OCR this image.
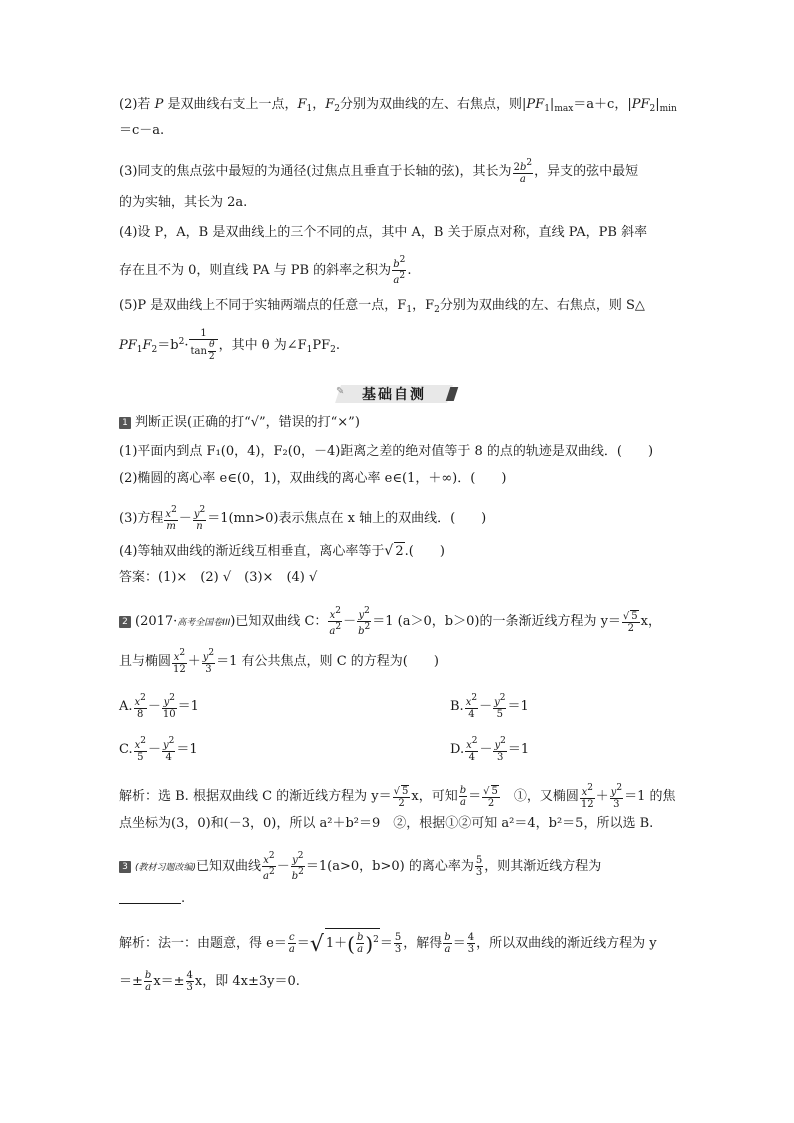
(2)若 P 是双曲线右支上一点，$F_1$，$F_2$分别为双曲线的左、右焦点，则$|PF_1|_{max}=a+c$，$|PF_2|_{min}$
＝c－a.
(3)同支的焦点弦中最短的为通径(过焦点且垂直于长轴的弦)，其长为 $\frac{2b2}{a}$ ，异支的弦中最短
的为实轴，其长为 2a.
(4)设 P，A，B 是双曲线上的三个不同的点，其中 A，B 关于原点对称，直线 PA，PB 斜率
存在且不为 0，则直线 PA 与 PB 的斜率之积为 $\frac{b2}{a2}$ .
(5)P 是双曲线上不同于实轴两端点的任意一点，$F_1$，$F_2$分别为双曲线的左、右焦点，则 S△
$PF_1F_2=b^2\cdot \frac{1}{\tan \frac{\theta}{2}}$ ，其中 θ 为$\angle F_1PF_2$.
✎	基础自测
1 判断正误(正确的打“√”，错误的打“×”)
(1)平面内到点 F₁(0，4)，F₂(0，－4)距离之差的绝对值等于 8 的点的轨迹是双曲线．(　　)
(2)椭圆的离心率 e∈(0，1)，双曲线的离心率 e∈(1，＋∞)．(　　)
(3)方程 $\frac{x2}{m} - \frac{y2}{n} =1(mn>0)$表示焦点在 x 轴上的双曲线．(　　)
(4)等轴双曲线的渐近线互相垂直，离心率等于√ 2.(　　)
答案：(1)×　(2) √　(3)×　(4) √
2 (2017·高考全国卷III)已知双曲线 C： $\frac{x2}{a2} - \frac{y2}{b2} =1$ (a＞0，b＞0)的一条渐近线方程为 $y= \frac{√ 5}{2}$ x，
且与椭圆 $\frac{x2}{12} + \frac{y2}{3} =1$ 有公共焦点，则 C 的方程为(　　)
A. $\frac{x2}{8} - \frac{y2}{10} =1$	B. $\frac{x2}{4} - \frac{y2}{5} =1$
C. $\frac{x2}{5} - \frac{y2}{4} =1$	D. $\frac{x2}{4} - \frac{y2}{3} =1$
解析：选 B. 根据双曲线 C 的渐近线方程为 $y= \frac{√ 5}{2}$ x，可知 $\frac{b}{a} = \frac{√ 5}{2}$ 　①，又椭圆 $\frac{x2}{12} + \frac{y2}{3} =1$ 的焦
点坐标为(3，0)和(－3，0)，所以 a²＋b²＝9　②，根据①②可知 a²＝4，b²＝5，所以选 B.
3 (教材习题改编)已知双曲线 $\frac{x2}{a2} - \frac{y2}{b2} =1(a>0$，b>0) 的离心率为 $\frac{5}{3}$ ，则其渐近线方程为
.
解析：法一：由题意，得 $e= \frac{c}{a}$ ＝√ $1+( \frac{b}{a} )^2= \frac{5}{3}$ ，解得 $\frac{b}{a} = \frac{4}{3}$ ，所以双曲线的渐近线方程为 y
＝± $\frac{b}{a} x=\pm \frac{4}{3}$ x，即 4x±3y＝0.
